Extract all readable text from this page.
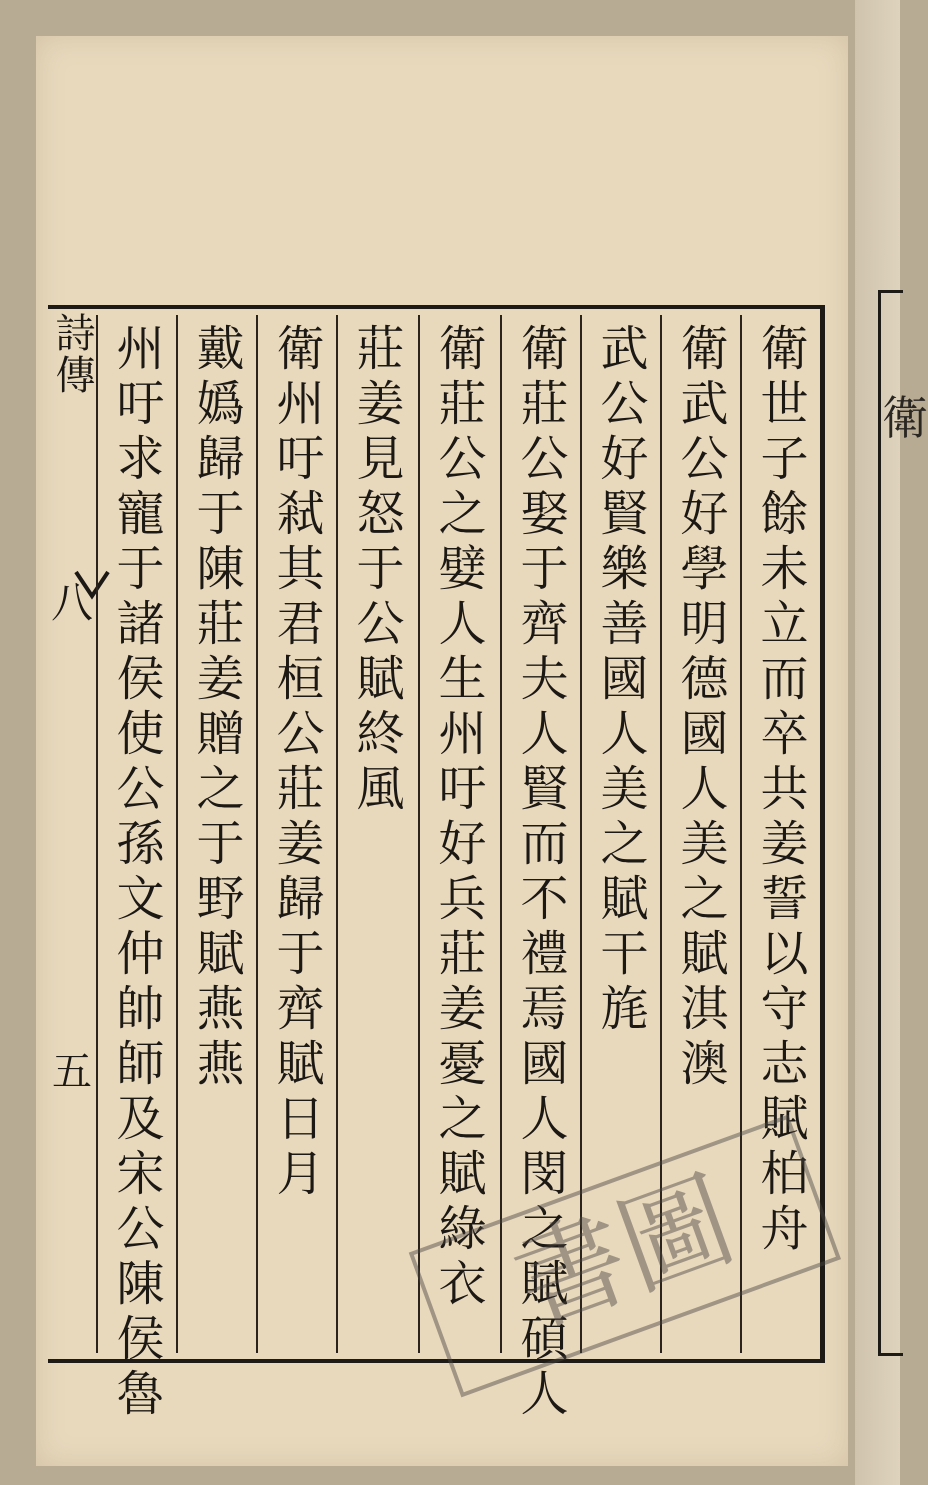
衛
詩傳
八
五	衛世子餘未立而卒共姜誓以守志賦柏舟
衛武公好學明德國人美之賦淇澳
武公好賢樂善國人美之賦干旄
衛莊公娶于齊夫人賢而不禮焉國人閔之賦碩人
衛莊公之嬖人生州吁好兵莊姜憂之賦綠衣
莊姜見怒于公賦終風
衛州吁弒其君桓公莊姜歸于齊賦日月
戴嬀歸于陳莊姜贈之于野賦燕燕
州吁求寵于諸侯使公孫文仲帥師及宋公陳侯魯	書圖
